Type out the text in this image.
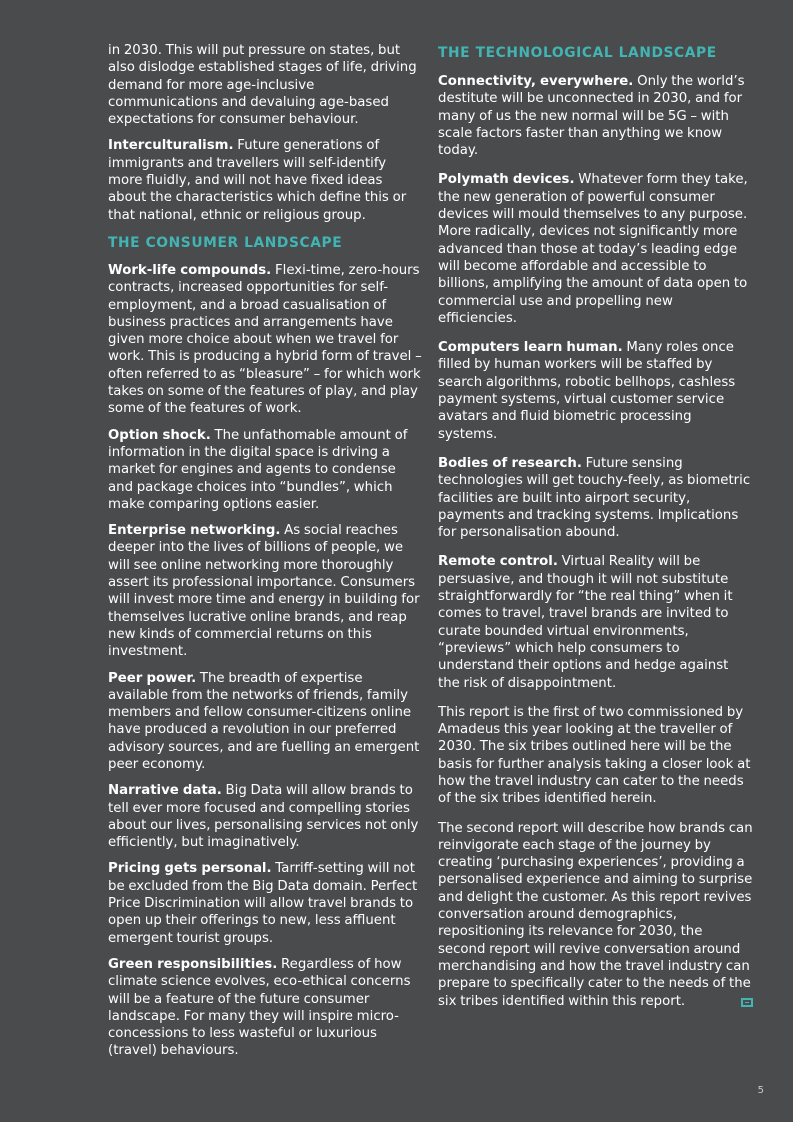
in 2030. This will put pressure on states, but also dislodge established stages of life, driving demand for more age-inclusive communications and devaluing age-based expectations for consumer behaviour.

Interculturalism. Future generations of immigrants and travellers will self-identify more fluidly, and will not have fixed ideas about the characteristics which define this or that national, ethnic or religious group.

THE CONSUMER LANDSCAPE

Work-life compounds. Flexi-time, zero-hours contracts, increased opportunities for self-employment, and a broad casualisation of business practices and arrangements have given more choice about when we travel for work. This is producing a hybrid form of travel – often referred to as “bleasure” – for which work takes on some of the features of play, and play some of the features of work.

Option shock. The unfathomable amount of information in the digital space is driving a market for engines and agents to condense and package choices into “bundles”, which make comparing options easier.

Enterprise networking. As social reaches deeper into the lives of billions of people, we will see online networking more thoroughly assert its professional importance. Consumers will invest more time and energy in building for themselves lucrative online brands, and reap new kinds of commercial returns on this investment.

Peer power. The breadth of expertise available from the networks of friends, family members and fellow consumer-citizens online have produced a revolution in our preferred advisory sources, and are fuelling an emergent peer economy.

Narrative data. Big Data will allow brands to tell ever more focused and compelling stories about our lives, personalising services not only efficiently, but imaginatively.

Pricing gets personal. Tarriff-setting will not be excluded from the Big Data domain. Perfect Price Discrimination will allow travel brands to open up their offerings to new, less affluent emergent tourist groups.

Green responsibilities. Regardless of how climate science evolves, eco-ethical concerns will be a feature of the future consumer landscape. For many they will inspire micro-concessions to less wasteful or luxurious (travel) behaviours.

THE TECHNOLOGICAL LANDSCAPE

Connectivity, everywhere. Only the world’s destitute will be unconnected in 2030, and for many of us the new normal will be 5G – with scale factors faster than anything we know today.

Polymath devices. Whatever form they take, the new generation of powerful consumer devices will mould themselves to any purpose. More radically, devices not significantly more advanced than those at today’s leading edge will become affordable and accessible to billions, amplifying the amount of data open to commercial use and propelling new efficiencies.

Computers learn human. Many roles once filled by human workers will be staffed by search algorithms, robotic bellhops, cashless payment systems, virtual customer service avatars and fluid biometric processing systems.

Bodies of research. Future sensing technologies will get touchy-feely, as biometric facilities are built into airport security, payments and tracking systems. Implications for personalisation abound.

Remote control. Virtual Reality will be persuasive, and though it will not substitute straightforwardly for “the real thing” when it comes to travel, travel brands are invited to curate bounded virtual environments, “previews” which help consumers to understand their options and hedge against the risk of disappointment.

This report is the first of two commissioned by Amadeus this year looking at the traveller of 2030. The six tribes outlined here will be the basis for further analysis taking a closer look at how the travel industry can cater to the needs of the six tribes identified herein.

The second report will describe how brands can reinvigorate each stage of the journey by creating ‘purchasing experiences’, providing a personalised experience and aiming to surprise and delight the customer. As this report revives conversation around demographics, repositioning its relevance for 2030, the second report will revive conversation around merchandising and how the travel industry can prepare to specifically cater to the needs of the six tribes identified within this report.

5
